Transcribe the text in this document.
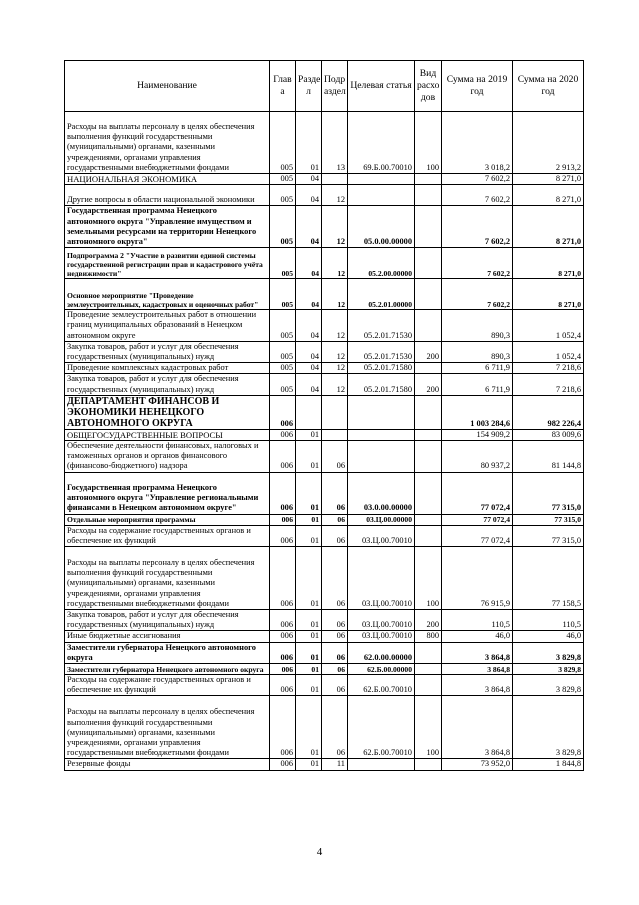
Наименование	Глав а	Разде л	Подр аздел	Целевая статья	Вид расхо дов	Сумма на 2019 год	Сумма на 2020 год
Расходы на выплаты персоналу в целях обеспечения выполнения функций государственными (муниципальными) органами, казенными учреждениями, органами управления государственными внебюджетными фондами	005	01	13	69.Б.00.70010	100	3 018,2	2 913,2
НАЦИОНАЛЬНАЯ ЭКОНОМИКА	005	04				7 602,2	8 271,0
Другие вопросы в области национальной экономики	005	04	12			7 602,2	8 271,0
Государственная программа Ненецкого автономного округа "Управление имуществом и земельными ресурсами на территории Ненецкого автономного округа"	005	04	12	05.0.00.00000		7 602,2	8 271,0
Подпрограмма 2 "Участие в развитии единой системы государственной регистрации прав и кадастрового учёта недвижимости"	005	04	12	05.2.00.00000		7 602,2	8 271,0
Основное мероприятие "Проведение землеустроительных, кадастровых и оценочных работ"	005	04	12	05.2.01.00000		7 602,2	8 271,0
Проведение землеустроительных работ в отношении границ муниципальных образований в Ненецком автономном округе	005	04	12	05.2.01.71530		890,3	1 052,4
Закупка товаров, работ и услуг для обеспечения государственных (муниципальных) нужд	005	04	12	05.2.01.71530	200	890,3	1 052,4
Проведение комплексных кадастровых работ	005	04	12	05.2.01.71580		6 711,9	7 218,6
Закупка товаров, работ и услуг для обеспечения государственных (муниципальных) нужд	005	04	12	05.2.01.71580	200	6 711,9	7 218,6
ДЕПАРТАМЕНТ ФИНАНСОВ И ЭКОНОМИКИ НЕНЕЦКОГО АВТОНОМНОГО ОКРУГА	006					1 003 284,6	982 226,4
ОБЩЕГОСУДАРСТВЕННЫЕ ВОПРОСЫ	006	01				154 909,2	83 009,6
Обеспечение деятельности финансовых, налоговых и таможенных органов и органов финансового (финансово-бюджетного) надзора	006	01	06			80 937,2	81 144,8
Государственная программа Ненецкого автономного округа "Управление региональными финансами в Ненецком автономном округе"	006	01	06	03.0.00.00000		77 072,4	77 315,0
Отдельные мероприятия программы	006	01	06	03.Ц.00.00000		77 072,4	77 315,0
Расходы на содержание государственных органов и обеспечение их функций	006	01	06	03.Ц.00.70010		77 072,4	77 315,0
Расходы на выплаты персоналу в целях обеспечения выполнения функций государственными (муниципальными) органами, казенными учреждениями, органами управления государственными внебюджетными фондами	006	01	06	03.Ц.00.70010	100	76 915,9	77 158,5
Закупка товаров, работ и услуг для обеспечения государственных (муниципальных) нужд	006	01	06	03.Ц.00.70010	200	110,5	110,5
Иные бюджетные ассигнования	006	01	06	03.Ц.00.70010	800	46,0	46,0
Заместители губернатора Ненецкого автономного округа	006	01	06	62.0.00.00000		3 864,8	3 829,8
Заместители губернатора Ненецкого автономного округа	006	01	06	62.Б.00.00000		3 864,8	3 829,8
Расходы на содержание государственных органов и обеспечение их функций	006	01	06	62.Б.00.70010		3 864,8	3 829,8
Расходы на выплаты персоналу в целях обеспечения выполнения функций государственными (муниципальными) органами, казенными учреждениями, органами управления государственными внебюджетными фондами	006	01	06	62.Б.00.70010	100	3 864,8	3 829,8
Резервные фонды	006	01	11			73 952,0	1 844,8
4
